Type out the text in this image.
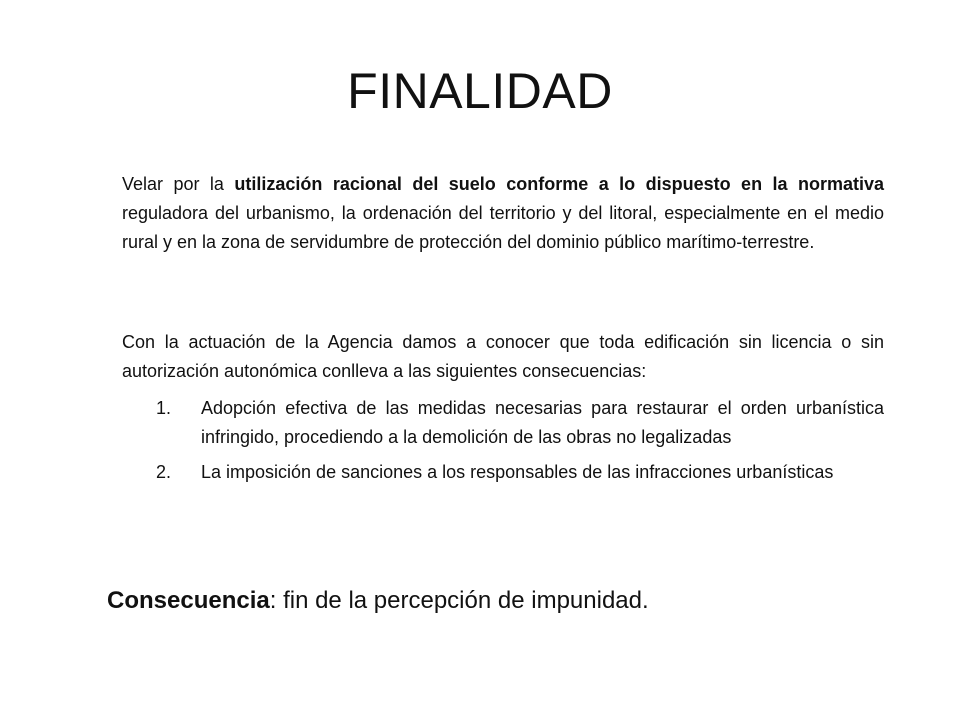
FINALIDAD

Velar por la utilización racional del suelo conforme a lo dispuesto en la normativa reguladora del urbanismo, la ordenación del territorio y del litoral, especialmente en el medio rural y en la zona de servidumbre de protección del dominio público marítimo-terrestre.

Con la actuación de la Agencia damos a conocer que toda edificación sin licencia o sin autorización autonómica conlleva a las siguientes consecuencias:

1. Adopción efectiva de las medidas necesarias para restaurar el orden urbanística infringido, procediendo a la demolición de las obras no legalizadas
2. La imposición de sanciones a los responsables de las infracciones urbanísticas

Consecuencia: fin de la percepción de impunidad.
